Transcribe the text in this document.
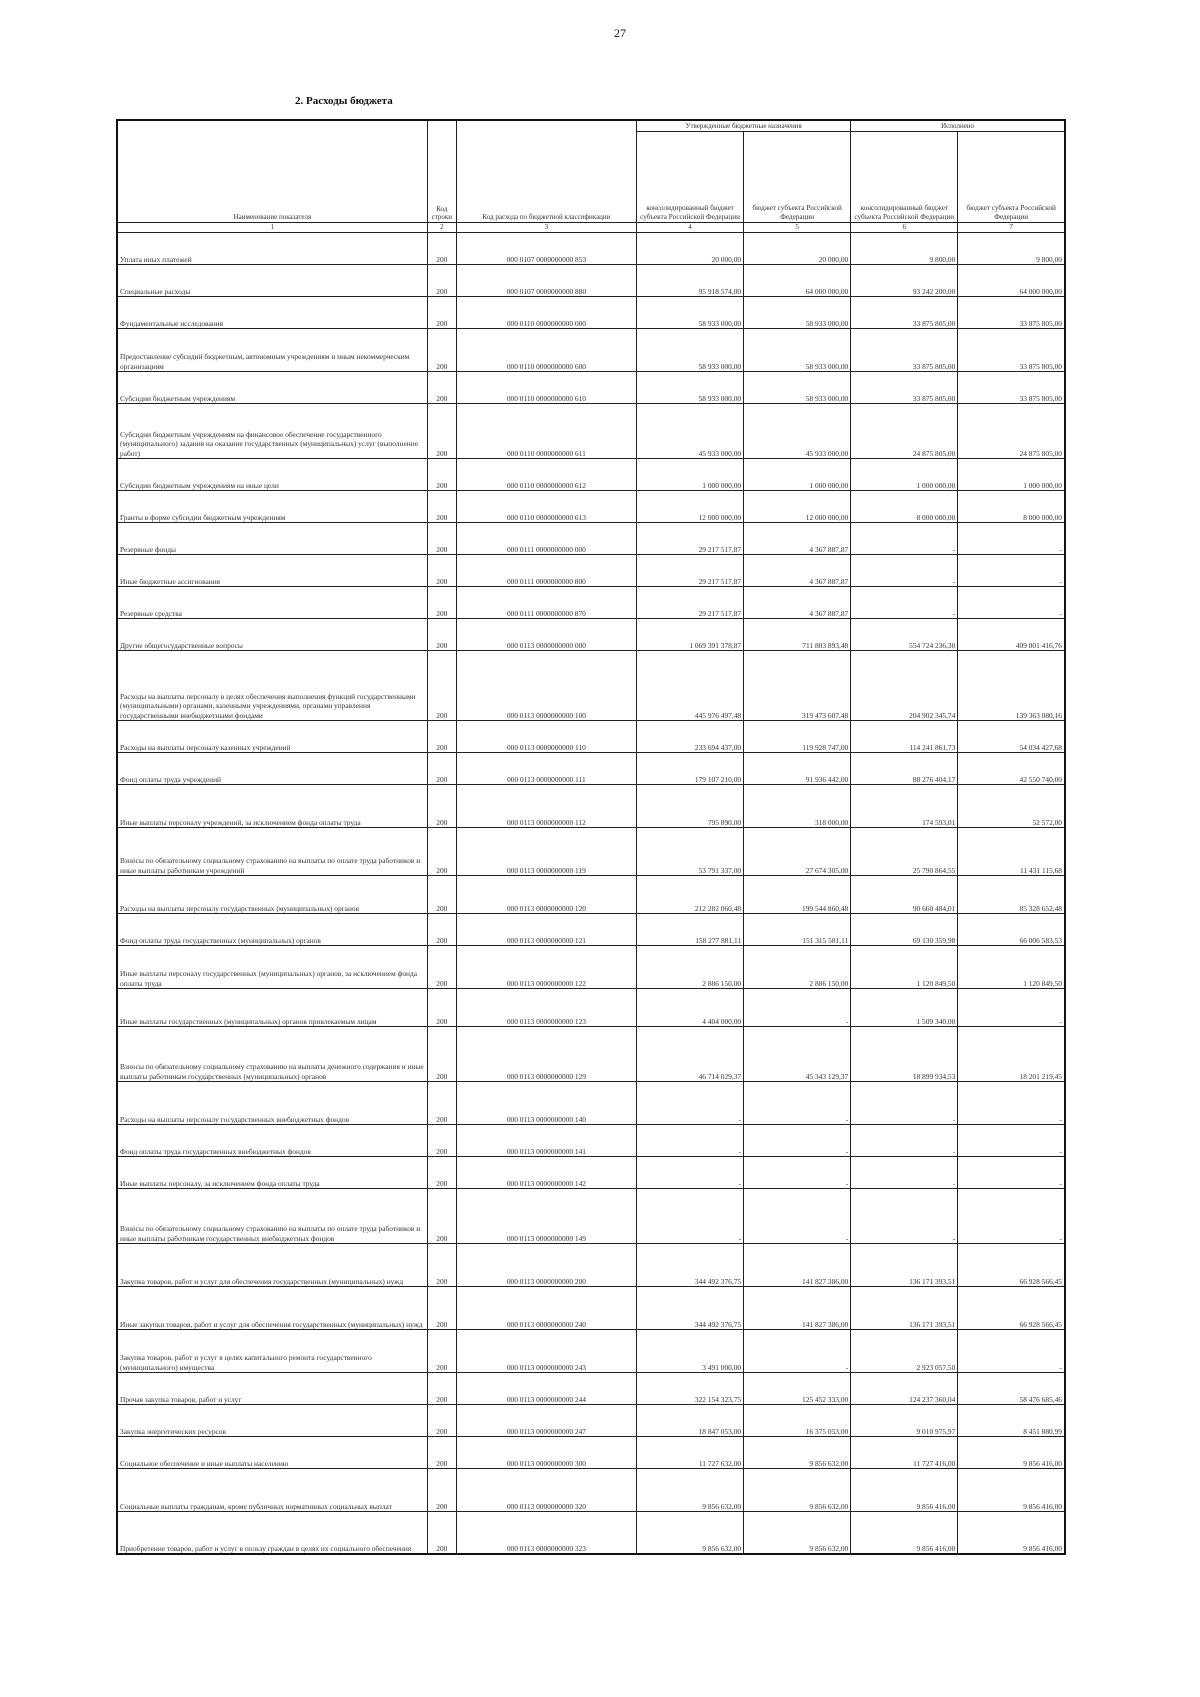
27
2. Расходы бюджета
Наименование показателя	Код строки	Код расхода по бюджетной классификации	Утвержденные бюджетные назначения		Исполнено	
			консолидированный бюджет субъекта Российской Федерации	бюджет субъекта Российской Федерации	консолидированный бюджет субъекта Российской Федерации	бюджет субъекта Российской Федерации
1	2	3	4	5	6	7
Уплата иных платежей	200	000 0107 0000000000 853	20 000,00	20 000,00	9 800,00	9 800,00
Специальные расходы	200	000 0107 0000000000 880	95 918 574,00	64 000 000,00	93 242 200,00	64 000 000,00
Фундаментальные исследования	200	000 0110 0000000000 000	58 933 000,00	58 933 000,00	33 875 805,00	33 875 805,00
Предоставление субсидий бюджетным, автономным учреждениям и иным некоммерческим организациям	200	000 0110 0000000000 600	58 933 000,00	58 933 000,00	33 875 805,00	33 875 805,00
Субсидии бюджетным учреждениям	200	000 0110 0000000000 610	58 933 000,00	58 933 000,00	33 875 805,00	33 875 805,00
Субсидии бюджетным учреждениям на финансовое обеспечение государственного (муниципального) задания на оказание государственных (муниципальных) услуг (выполнение работ)	200	000 0110 0000000000 611	45 933 000,00	45 933 000,00	24 875 805,00	24 875 805,00
Субсидии бюджетным учреждениям на иные цели	200	000 0110 0000000000 612	1 000 000,00	1 000 000,00	1 000 000,00	1 000 000,00
Гранты в форме субсидии бюджетным учреждениям	200	000 0110 0000000000 613	12 000 000,00	12 000 000,00	8 000 000,00	8 000 000,00
Резервные фонды	200	000 0111 0000000000 000	29 217 517,87	4 367 887,87	-	-
Иные бюджетные ассигнования	200	000 0111 0000000000 800	29 217 517,87	4 367 887,87	-	-
Резервные средства	200	000 0111 0000000000 870	29 217 517,87	4 367 887,87	-	-
Другие общегосударственные вопросы	200	000 0113 0000000000 000	1 069 391 378,87	711 803 893,48	554 724 236,30	409 801 416,76
Расходы на выплаты персоналу в целях обеспечения выполнения функций государственными (муниципальными) органами, казенными учреждениями, органами управления государственными внебюджетными фондами	200	000 0113 0000000000 100	445 976 497,48	319 473 607,48	204 902 345,74	139 363 080,16
Расходы на выплаты персоналу казенных учреждений	200	000 0113 0000000000 110	233 694 437,00	119 928 747,00	114 241 861,73	54 034 427,68
Фонд оплаты труда учреждений	200	000 0113 0000000000 111	179 107 210,00	91 936 442,00	88 276 404,17	42 550 740,00
Иные выплаты персоналу учреждений, за исключением фонда оплаты труда	200	000 0113 0000000000 112	795 890,00	318 000,00	174 593,01	52 572,00
Взносы по обязательному социальному страхованию на выплаты по оплате труда работников и иные выплаты работникам учреждений	200	000 0113 0000000000 119	53 791 337,00	27 674 305,00	25 790 864,55	11 431 115,68
Расходы на выплаты персоналу государственных (муниципальных) органов	200	000 0113 0000000000 120	212 282 060,48	199 544 860,48	90 660 484,01	85 328 652,48
Фонд оплаты труда государственных (муниципальных) органов	200	000 0113 0000000000 121	158 277 881,11	151 315 581,11	69 130 359,98	66 006 583,53
Иные выплаты персоналу государственных (муниципальных) органов, за исключением фонда оплаты труда	200	000 0113 0000000000 122	2 886 150,00	2 886 150,00	1 120 849,50	1 120 849,50
Иные выплаты государственных (муниципальных) органов привлекаемым лицам	200	000 0113 0000000000 123	4 404 000,00	-	1 509 340,00	-
Взносы по обязательному социальному страхованию на выплаты денежного содержания и иные выплаты работникам государственных (муниципальных) органов	200	000 0113 0000000000 129	46 714 029,37	45 343 129,37	18 899 934,53	18 201 219,45
Расходы на выплаты персоналу государственных внебюджетных фондов	200	000 0113 0000000000 140	-	-	-	-
Фонд оплаты труда государственных внебюджетных фондов	200	000 0113 0000000000 141	-	-	-	-
Иные выплаты персоналу, за исключением фонда оплаты труда	200	000 0113 0000000000 142	-	-	-	-
Взносы по обязательному социальному страхованию на выплаты по оплате труда работников и иные выплаты работникам государственных внебюджетных фондов	200	000 0113 0000000000 149	-	-	-	-
Закупка товаров, работ и услуг для обеспечения государственных (муниципальных) нужд	200	000 0113 0000000000 200	344 492 376,75	141 827 386,00	136 171 393,51	66 928 566,45
Иные закупки товаров, работ и услуг для обеспечения государственных (муниципальных) нужд	200	000 0113 0000000000 240	344 492 376,75	141 827 386,00	136 171 393,51	66 928 566,45
Закупка товаров, работ и услуг в целях капитального ремонта государственного (муниципального) имущества	200	000 0113 0000000000 243	3 491 000,00	-	2 923 057,50	-
Прочая закупка товаров, работ и услуг	200	000 0113 0000000000 244	322 154 323,75	125 452 333,00	124 237 360,04	58 476 685,46
Закупка энергетических ресурсов	200	000 0113 0000000000 247	18 847 053,00	16 375 053,00	9 010 975,97	8 451 880,99
Социальное обеспечение и иные выплаты населению	200	000 0113 0000000000 300	11 727 632,00	9 856 632,00	11 727 416,00	9 856 416,00
Социальные выплаты гражданам, кроме публичных нормативных социальных выплат	200	000 0113 0000000000 320	9 856 632,00	9 856 632,00	9 856 416,00	9 856 416,00
Приобретение товаров, работ и услуг в пользу граждан в целях их социального обеспечения	200	000 0113 0000000000 323	9 856 632,00	9 856 632,00	9 856 416,00	9 856 416,00
